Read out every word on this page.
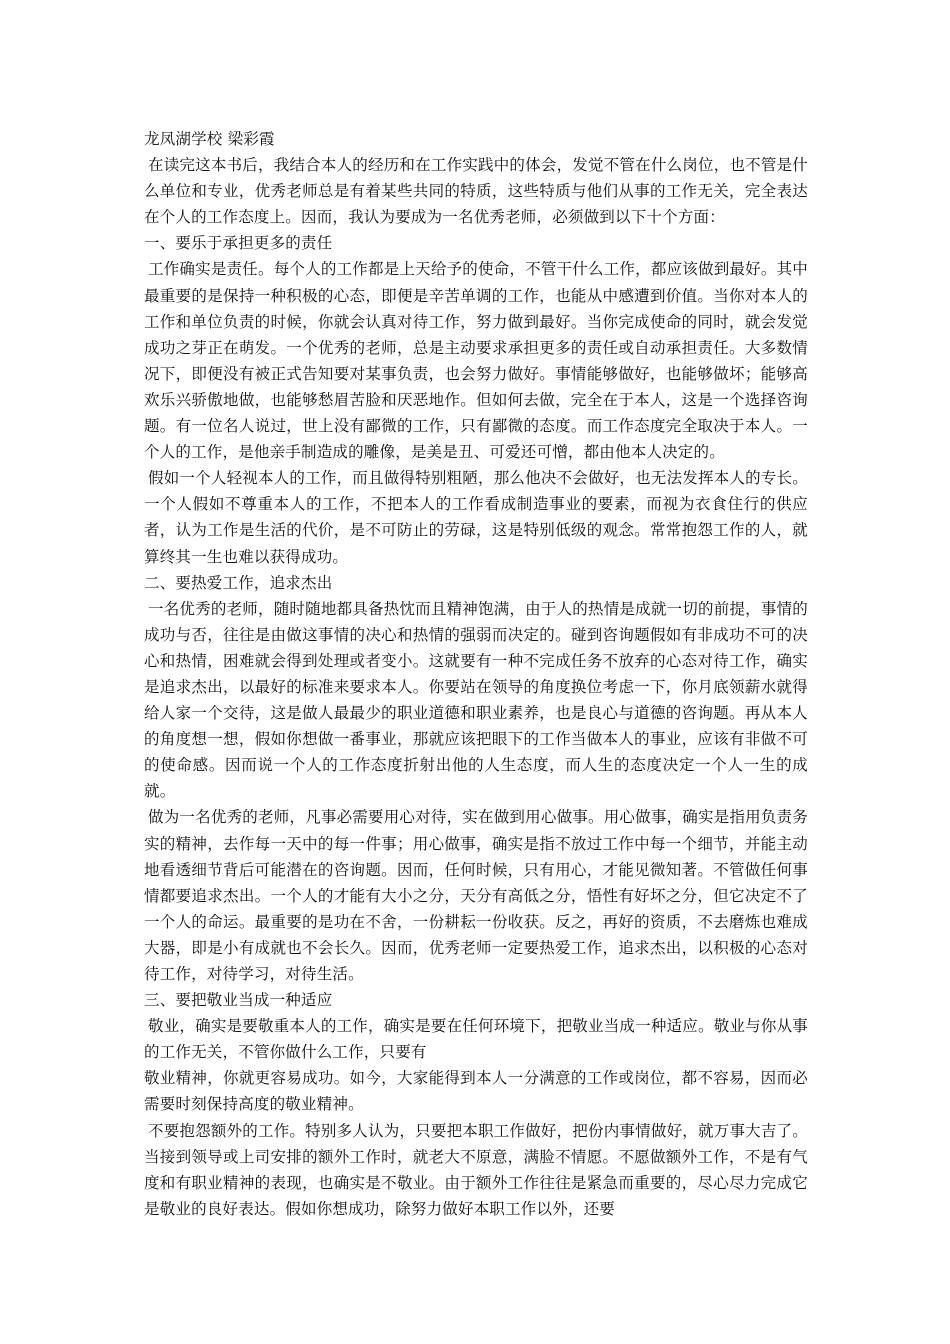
龙凤湖学校 梁彩霞

在读完这本书后，我结合本人的经历和在工作实践中的体会，发觉不管在什么岗位，也不管是什么单位和专业，优秀老师总是有着某些共同的特质，这些特质与他们从事的工作无关，完全表达在个人的工作态度上。因而，我认为要成为一名优秀老师，必须做到以下十个方面：

一、要乐于承担更多的责任

工作确实是责任。每个人的工作都是上天给予的使命，不管干什么工作，都应该做到最好。其中最重要的是保持一种积极的心态，即便是辛苦单调的工作，也能从中感遭到价值。当你对本人的工作和单位负责的时候，你就会认真对待工作，努力做到最好。当你完成使命的同时，就会发觉成功之芽正在萌发。一个优秀的老师，总是主动要求承担更多的责任或自动承担责任。大多数情况下，即便没有被正式告知要对某事负责，也会努力做好。事情能够做好，也能够做坏；能够高欢乐兴骄傲地做，也能够愁眉苦脸和厌恶地作。但如何去做，完全在于本人，这是一个选择咨询题。有一位名人说过，世上没有鄙微的工作，只有鄙微的态度。而工作态度完全取决于本人。一个人的工作，是他亲手制造成的雕像，是美是丑、可爱还可憎，都由他本人决定的。

假如一个人轻视本人的工作，而且做得特别粗陋，那么他决不会做好，也无法发挥本人的专长。一个人假如不尊重本人的工作，不把本人的工作看成制造事业的要素，而视为衣食住行的供应者，认为工作是生活的代价，是不可防止的劳碌，这是特别低级的观念。常常抱怨工作的人，就算终其一生也难以获得成功。

二、要热爱工作，追求杰出

一名优秀的老师，随时随地都具备热忱而且精神饱满，由于人的热情是成就一切的前提，事情的成功与否，往往是由做这事情的决心和热情的强弱而决定的。碰到咨询题假如有非成功不可的决心和热情，困难就会得到处理或者变小。这就要有一种不完成任务不放弃的心态对待工作，确实是追求杰出，以最好的标准来要求本人。你要站在领导的角度换位考虑一下，你月底领薪水就得给人家一个交待，这是做人最最少的职业道德和职业素养，也是良心与道德的咨询题。再从本人的角度想一想，假如你想做一番事业，那就应该把眼下的工作当做本人的事业，应该有非做不可的使命感。因而说一个人的工作态度折射出他的人生态度，而人生的态度决定一个人一生的成就。

做为一名优秀的老师，凡事必需要用心对待，实在做到用心做事。用心做事，确实是指用负责务实的精神，去作每一天中的每一件事；用心做事，确实是指不放过工作中每一个细节，并能主动地看透细节背后可能潜在的咨询题。因而，任何时候，只有用心，才能见微知著。不管做任何事情都要追求杰出。一个人的才能有大小之分，天分有高低之分，悟性有好坏之分，但它决定不了一个人的命运。最重要的是功在不舍，一份耕耘一份收获。反之，再好的资质，不去磨炼也难成大器，即是小有成就也不会长久。因而，优秀老师一定要热爱工作，追求杰出，以积极的心态对待工作，对待学习，对待生活。

三、要把敬业当成一种适应

敬业，确实是要敬重本人的工作，确实是要在任何环境下，把敬业当成一种适应。敬业与你从事的工作无关，不管你做什么工作，只要有

敬业精神，你就更容易成功。如今，大家能得到本人一分满意的工作或岗位，都不容易，因而必需要时刻保持高度的敬业精神。

不要抱怨额外的工作。特别多人认为，只要把本职工作做好，把份内事情做好，就万事大吉了。当接到领导或上司安排的额外工作时，就老大不原意，满脸不情愿。不愿做额外工作，不是有气度和有职业精神的表现，也确实是不敬业。由于额外工作往往是紧急而重要的，尽心尽力完成它是敬业的良好表达。假如你想成功，除努力做好本职工作以外，还要
